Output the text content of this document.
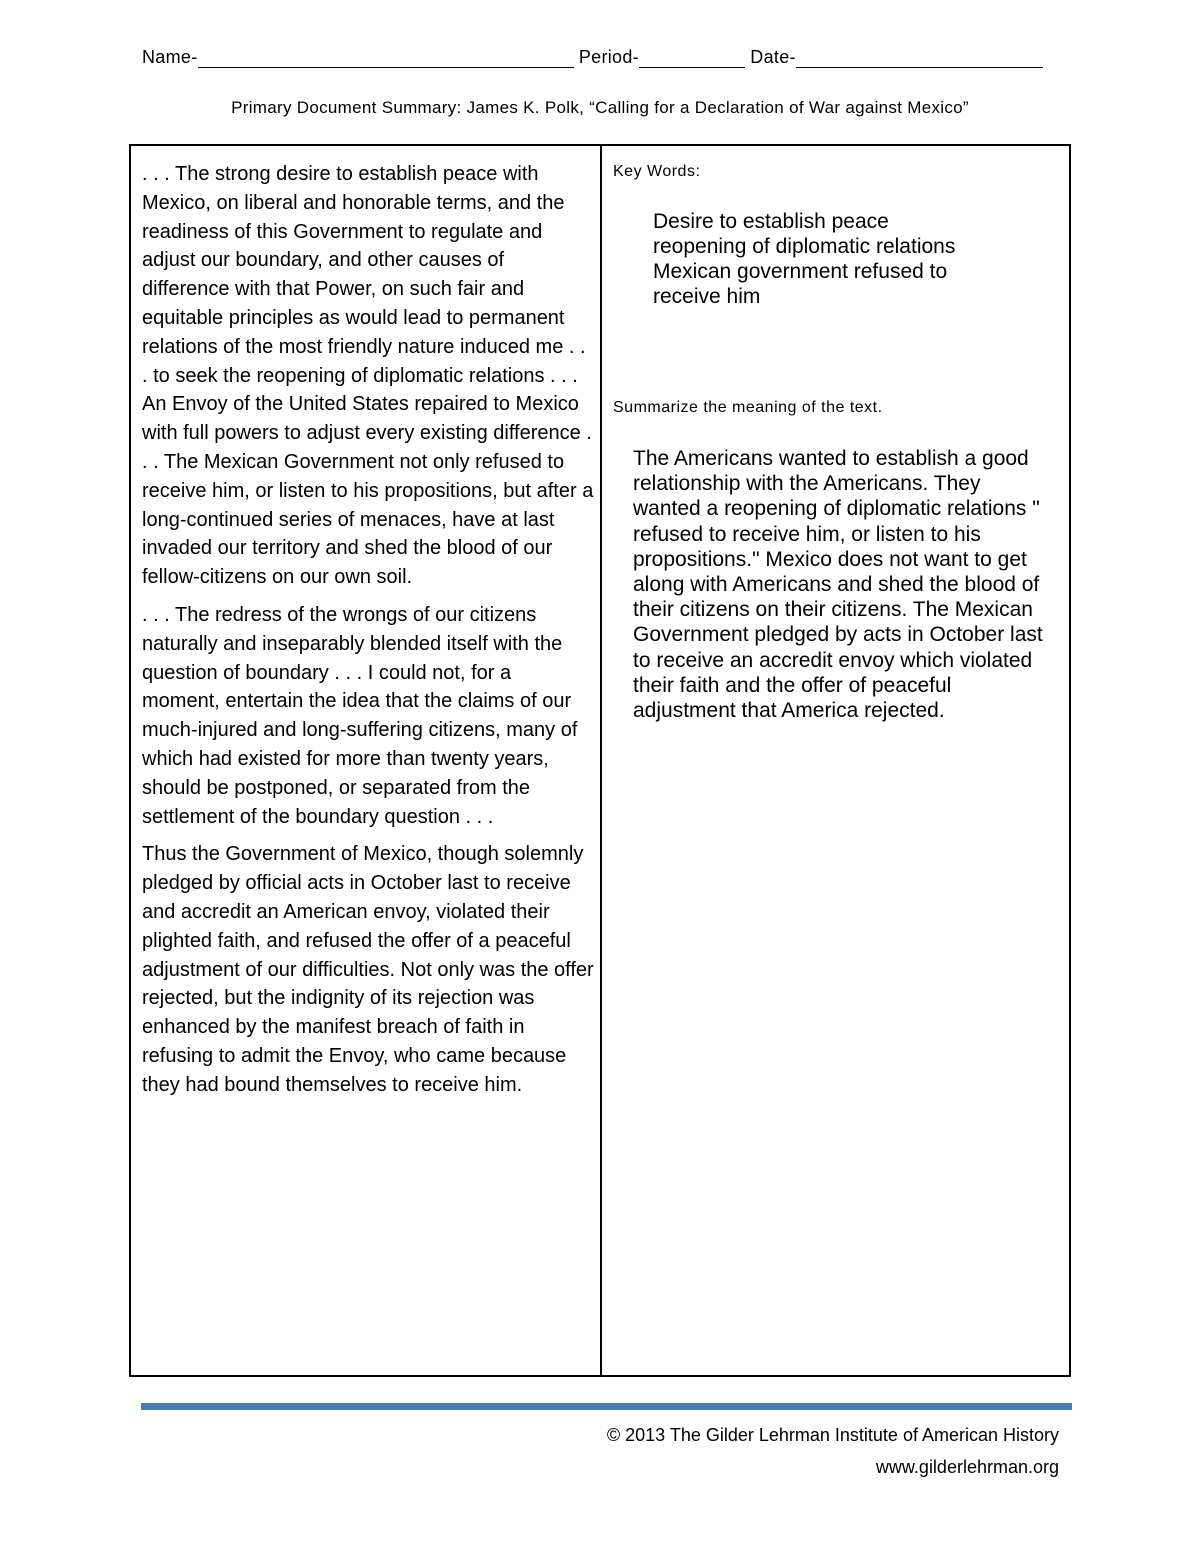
Name-	Period-	Date-
Primary Document Summary: James K. Polk, “Calling for a Declaration of War against Mexico”

. . . The strong desire to establish peace with Mexico, on liberal and honorable terms, and the readiness of this Government to regulate and adjust our boundary, and other causes of difference with that Power, on such fair and equitable principles as would lead to permanent relations of the most friendly nature induced me . . . to seek the reopening of diplomatic relations . . . An Envoy of the United States repaired to Mexico with full powers to adjust every existing difference . . . The Mexican Government not only refused to receive him, or listen to his propositions, but after a long-continued series of menaces, have at last invaded our territory and shed the blood of our fellow-citizens on our own soil.

. . . The redress of the wrongs of our citizens naturally and inseparably blended itself with the question of boundary . . . I could not, for a moment, entertain the idea that the claims of our much-injured and long-suffering citizens, many of which had existed for more than twenty years, should be postponed, or separated from the settlement of the boundary question . . .

Thus the Government of Mexico, though solemnly pledged by official acts in October last to receive and accredit an American envoy, violated their plighted faith, and refused the offer of a peaceful adjustment of our difficulties. Not only was the offer rejected, but the indignity of its rejection was enhanced by the manifest breach of faith in refusing to admit the Envoy, who came because they had bound themselves to receive him.

Key Words:
Desire to establish peace
reopening of diplomatic relations
Mexican government refused to
receive him
Summarize the meaning of the text.
The Americans wanted to establish a good relationship with the Americans. They wanted a reopening of diplomatic relations " refused to receive him, or listen to his propositions." Mexico does not want to get along with Americans and shed the blood of their citizens on their citizens. The Mexican Government pledged by acts in October last to receive an accredit envoy which violated their faith and the offer of peaceful adjustment that America rejected.
© 2013 The Gilder Lehrman Institute of American History
www.gilderlehrman.org
